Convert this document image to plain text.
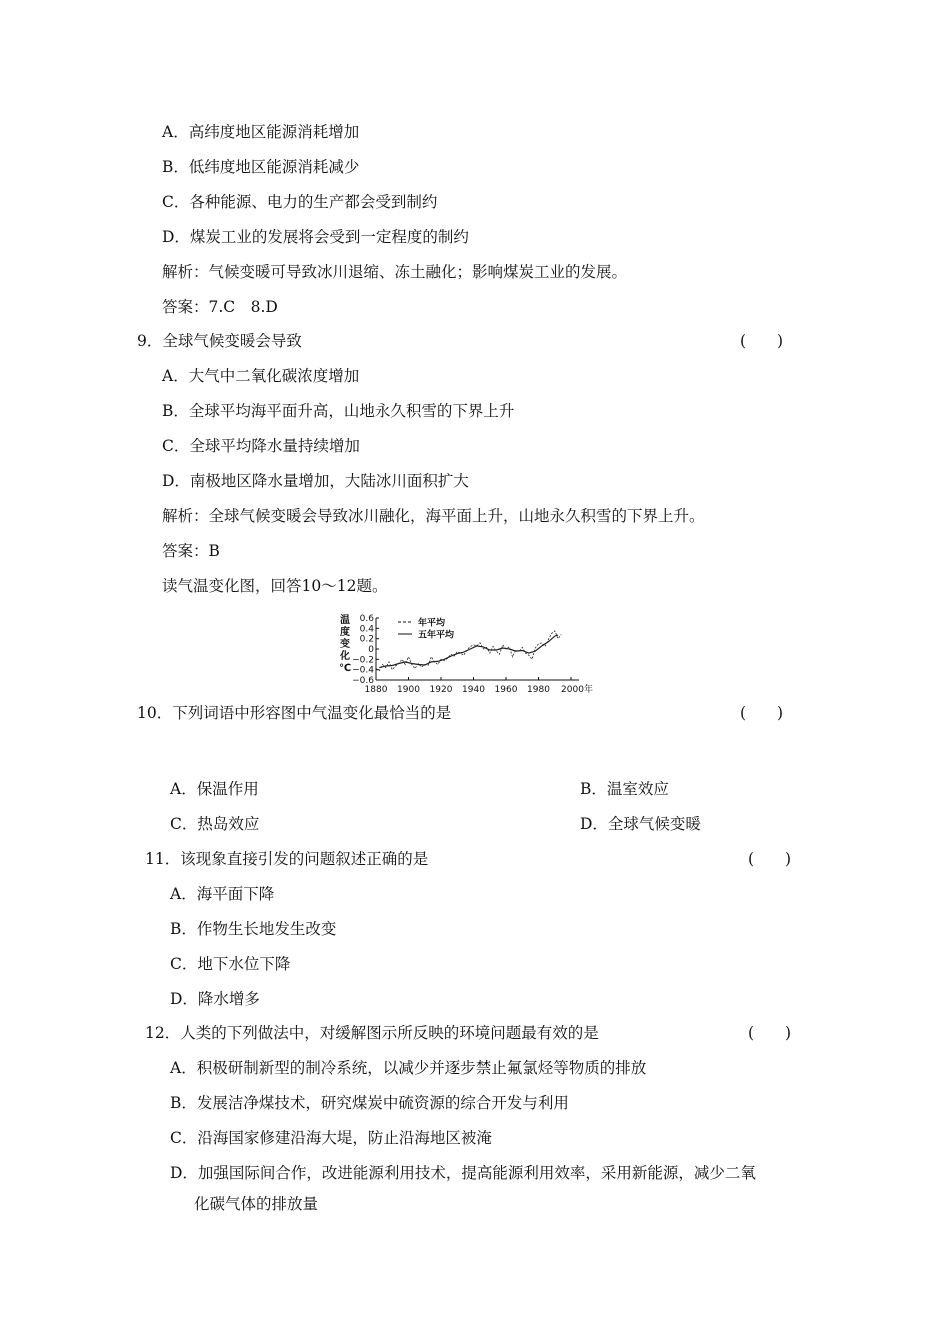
A．高纬度地区能源消耗增加
B．低纬度地区能源消耗减少
C．各种能源、电力的生产都会受到制约
D．煤炭工业的发展将会受到一定程度的制约
解析：气候变暖可导致冰川退缩、冻土融化；影响煤炭工业的发展。
答案：7.C　8.D
9．全球气候变暖会导致	(　　)
A．大气中二氧化碳浓度增加
B．全球平均海平面升高，山地永久积雪的下界上升
C．全球平均降水量持续增加
D．南极地区降水量增加，大陆冰川面积扩大
解析：全球气候变暖会导致冰川融化，海平面上升，山地永久积雪的下界上升。
答案：B
读气温变化图，回答10～12题。
0.6
0.4
0.2
0
−0.2
−0.4
−0.6
1880 1900 1920 1940 1960 1980 2000年
温
度
变
化
℃
年平均
五年平均
10．下列词语中形容图中气温变化最恰当的是	(　　)
A．保温作用	B．温室效应
C．热岛效应	D．全球气候变暖
11．该现象直接引发的问题叙述正确的是	(　　)
A．海平面下降
B．作物生长地发生改变
C．地下水位下降
D．降水增多
12．人类的下列做法中，对缓解图示所反映的环境问题最有效的是	(　　)
A．积极研制新型的制冷系统，以减少并逐步禁止氟氯烃等物质的排放
B．发展洁净煤技术，研究煤炭中硫资源的综合开发与利用
C．沿海国家修建沿海大堤，防止沿海地区被淹
D．加强国际间合作，改进能源利用技术，提高能源利用效率，采用新能源，减少二氧
化碳气体的排放量
